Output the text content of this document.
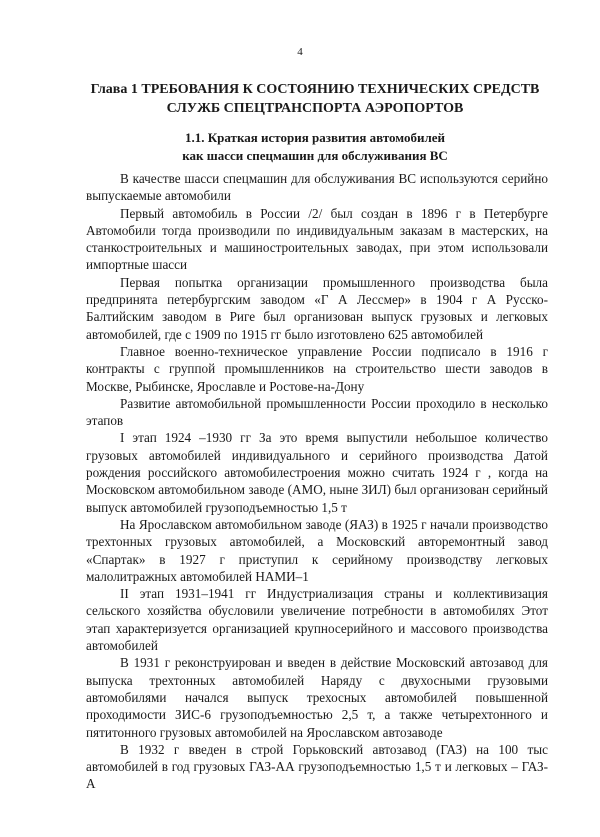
4
Глава 1 ТРЕБОВАНИЯ К СОСТОЯНИЮ ТЕХНИЧЕСКИХ СРЕДСТВ
СЛУЖБ СПЕЦТРАНСПОРТА АЭРОПОРТОВ
1.1. Краткая история развития автомобилей
как шасси спецмашин для обслуживания ВС

В качестве шасси спецмашин для обслуживания ВС используются серийно выпускаемые автомобили

Первый автомобиль в России /2/ был создан в 1896 г в Петербурге Автомобили тогда производили по индивидуальным заказам в мастерских, на станкостроительных и машиностроительных заводах, при этом использовали импортные шасси

Первая попытка организации промышленного производства была предпринята петербургским заводом «Г А Лессмер» в 1904 г А Русско-Балтийским заводом в Риге был организован выпуск грузовых и легковых автомобилей, где с 1909 по 1915 гг было изготовлено 625 автомобилей

Главное военно-техническое управление России подписало в 1916 г контракты с группой промышленников на строительство шести заводов в Москве, Рыбинске, Ярославле и Ростове-на-Дону

Развитие автомобильной промышленности России проходило в несколько этапов

I этап 1924 –1930 гг За это время выпустили небольшое количество грузовых автомобилей индивидуального и серийного производства Датой рождения российского автомобилестроения можно считать 1924 г , когда на Московском автомобильном заводе (АМО, ныне ЗИЛ) был организован серийный выпуск автомобилей грузоподъемностью 1,5 т

На Ярославском автомобильном заводе (ЯАЗ) в 1925 г начали производство трехтонных грузовых автомобилей, а Московский авторемонтный завод «Спартак» в 1927 г приступил к серийному производству легковых малолитражных автомобилей НАМИ–1

II этап 1931–1941 гг Индустриализация страны и коллективизация сельского хозяйства обусловили увеличение потребности в автомобилях Этот этап характеризуется организацией крупносерийного и массового производства автомобилей

В 1931 г реконструирован и введен в действие Московский автозавод для выпуска трехтонных автомобилей Наряду с двухосными грузовыми автомобилями начался выпуск трехосных автомобилей повышенной проходимости ЗИС-6 грузоподъемностью 2,5 т, а также четырехтонного и пятитонного грузовых автомобилей на Ярославском автозаводе

В 1932 г введен в строй Горьковский автозавод (ГАЗ) на 100 тыс автомобилей в год грузовых ГАЗ-АА грузоподъемностью 1,5 т и легковых – ГАЗ-А
